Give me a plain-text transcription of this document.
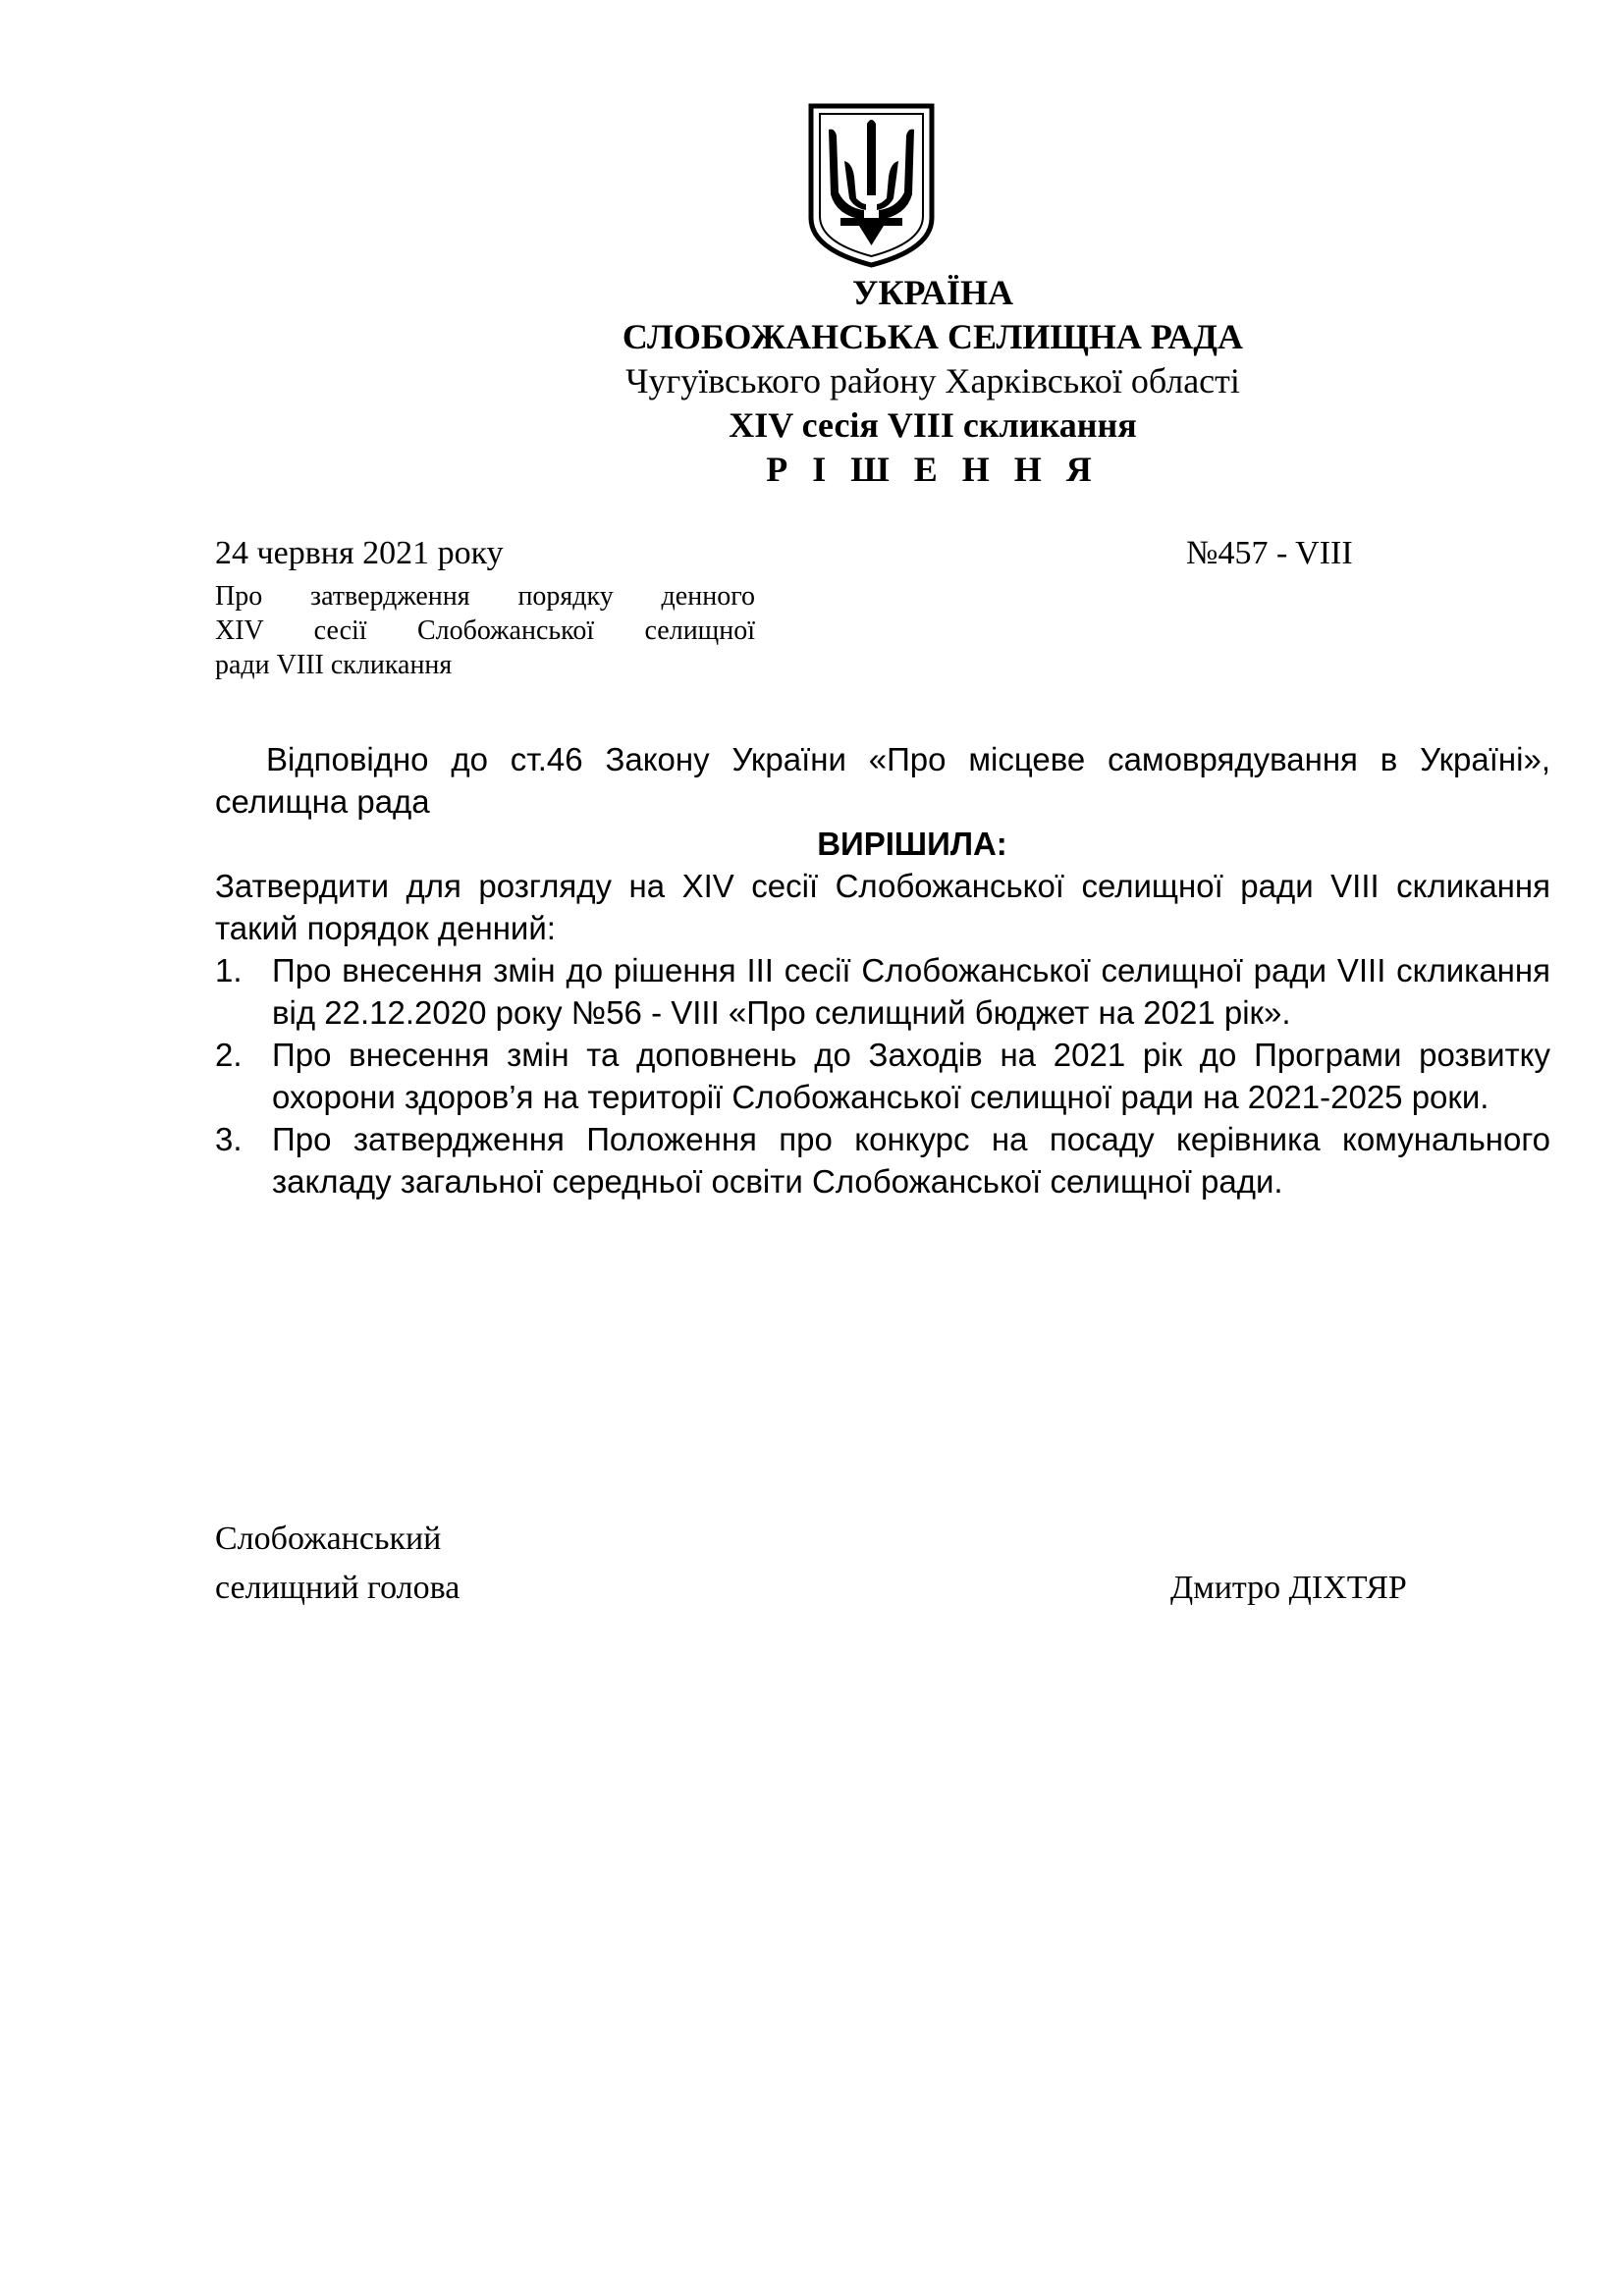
УКРАЇНА
СЛОБОЖАНСЬКА СЕЛИЩНА РАДА
Чугуївського району Харківської області
XIV сесія VIII скликання
Р І Ш Е Н Н Я
24 червня 2021 року	№457 - VIII
Про затвердження порядку денного
XIV сесії Слобожанської селищної
ради VIII скликання

Відповідно до ст.46 Закону України «Про місцеве самоврядування в Україні», селищна рада

ВИРІШИЛА:

Затвердити для розгляду на XIV сесії Слобожанської селищної ради VIII скликання такий порядок денний:

1. Про внесення змін до рішення ІІІ сесії Слобожанської селищної ради VIII скликання від 22.12.2020 року №56 - VIII «Про селищний бюджет на 2021 рік».
2. Про внесення змін та доповнень до Заходів на 2021 рік до Програми розвитку охорони здоров’я на території Слобожанської селищної ради на 2021-2025 роки.
3. Про затвердження Положення про конкурс на посаду керівника комунального закладу загальної середньої освіти Слобожанської селищної ради.
Слобожанський
селищний голова	Дмитро ДІХТЯР
